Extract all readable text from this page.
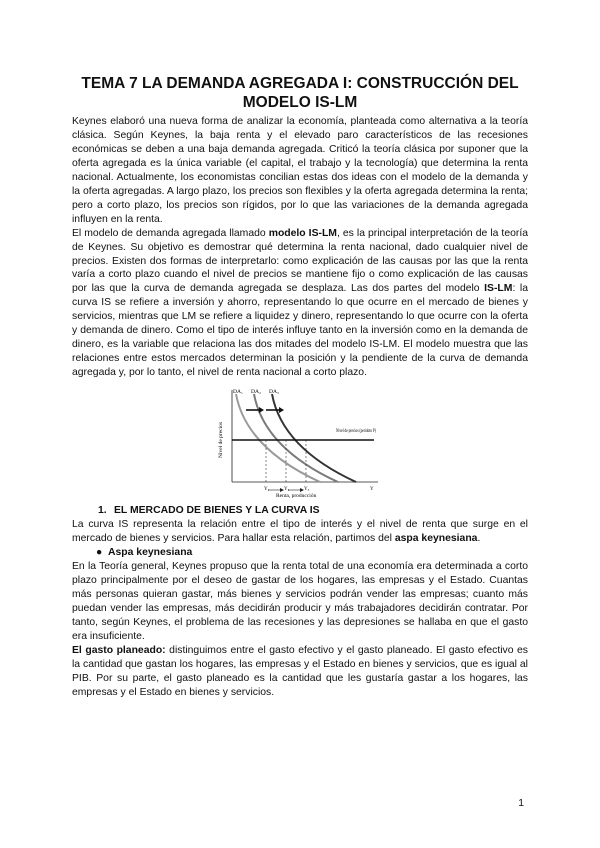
TEMA 7 LA DEMANDA AGREGADA I: CONSTRUCCIÓN DEL MODELO IS-LM

Keynes elaboró una nueva forma de analizar la economía, planteada como alternativa a la teoría clásica. Según Keynes, la baja renta y el elevado paro característicos de las recesiones económicas se deben a una baja demanda agregada. Criticó la teoría clásica por suponer que la oferta agregada es la única variable (el capital, el trabajo y la tecnología) que determina la renta nacional. Actualmente, los economistas concilian estas dos ideas con el modelo de la demanda y la oferta agregadas. A largo plazo, los precios son flexibles y la oferta agregada determina la renta; pero a corto plazo, los precios son rígidos, por lo que las variaciones de la demanda agregada influyen en la renta.

El modelo de demanda agregada llamado modelo IS-LM, es la principal interpretación de la teoría de Keynes. Su objetivo es demostrar qué determina la renta nacional, dado cualquier nivel de precios. Existen dos formas de interpretarlo: como explicación de las causas por las que la renta varía a corto plazo cuando el nivel de precios se mantiene fijo o como explicación de las causas por las que la curva de demanda agregada se desplaza. Las dos partes del modelo IS-LM: la curva IS se refiere a inversión y ahorro, representando lo que ocurre en el mercado de bienes y servicios, mientras que LM se refiere a liquidez y dinero, representando lo que ocurre con la oferta y demanda de dinero. Como el tipo de interés influye tanto en la inversión como en la demanda de dinero, es la variable que relaciona las dos mitades del modelo IS-LM. El modelo muestra que las relaciones entre estos mercados determinan la posición y la pendiente de la curva de demanda agregada y, por lo tanto, el nivel de renta nacional a corto plazo.

DA₁ DA₂ DA₃
Nivel de precios (peridoto P)
Nivel de precios
Y₁	Y₂	Y₃	Y
Renta, producción
1. EL MERCADO DE BIENES Y LA CURVA IS

La curva IS representa la relación entre el tipo de interés y el nivel de renta que surge en el mercado de bienes y servicios. Para hallar esta relación, partimos del aspa keynesiana.

● Aspa keynesiana

En la Teoría general, Keynes propuso que la renta total de una economía era determinada a corto plazo principalmente por el deseo de gastar de los hogares, las empresas y el Estado. Cuantas más personas quieran gastar, más bienes y servicios podrán vender las empresas; cuanto más puedan vender las empresas, más decidirán producir y más trabajadores decidirán contratar. Por tanto, según Keynes, el problema de las recesiones y las depresiones se hallaba en que el gasto era insuficiente.

El gasto planeado: distinguimos entre el gasto efectivo y el gasto planeado. El gasto efectivo es la cantidad que gastan los hogares, las empresas y el Estado en bienes y servicios, que es igual al PIB. Por su parte, el gasto planeado es la cantidad que les gustaría gastar a los hogares, las empresas y el Estado en bienes y servicios.

1
